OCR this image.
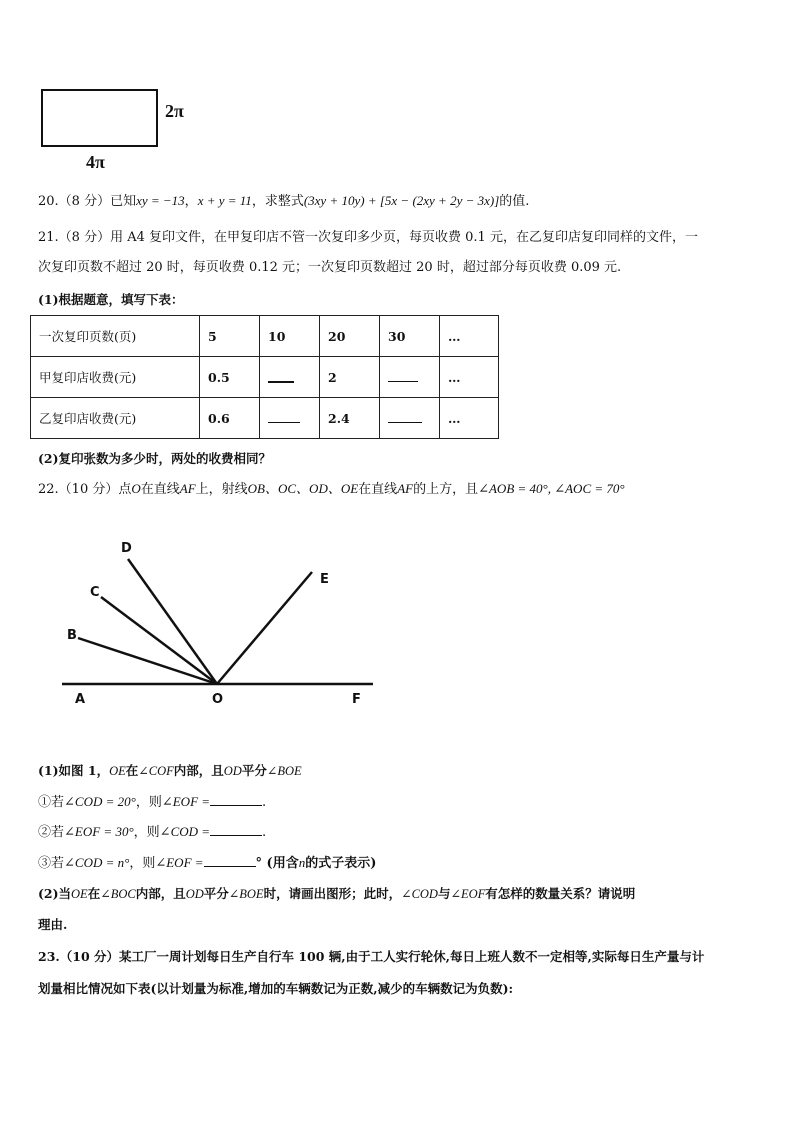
2π
4π
20.（8 分）已知xy = −13，x + y = 11，求整式(3xy + 10y) + [5x − (2xy + 2y − 3x)]的值.
21.（8 分）用 A4 复印文件，在甲复印店不管一次复印多少页，每页收费 0.1 元，在乙复印店复印同样的文件，一
次复印页数不超过 20 时，每页收费 0.12 元；一次复印页数超过 20 时，超过部分每页收费 0.09 元.
(1)根据题意，填写下表：
一次复印页数(页)	5	10	20	30	…
甲复印店收费(元)	0.5		2		…
乙复印店收费(元)	0.6		2.4		…
(2)复印张数为多少时，两处的收费相同？
22.（10 分）点O在直线AF上，射线OB、OC、OD、OE在直线AF的上方，且∠AOB = 40°, ∠AOC = 70°
D
C
B
E
A	O	F
(1)如图 1，OE在∠COF内部，且OD平分∠BOE
①若∠COD = 20°，则∠EOF =	.
②若∠EOF = 30°，则∠COD =	.
③若∠COD = n°，则∠EOF =	° (用含n的式子表示)
(2)当OE在∠BOC内部，且OD平分∠BOE时，请画出图形；此时，∠COD与∠EOF有怎样的数量关系？请说明
理由.
23.（10 分）某工厂一周计划每日生产自行车 100 辆,由于工人实行轮休,每日上班人数不一定相等,实际每日生产量与计
划量相比情况如下表(以计划量为标准,增加的车辆数记为正数,减少的车辆数记为负数):
